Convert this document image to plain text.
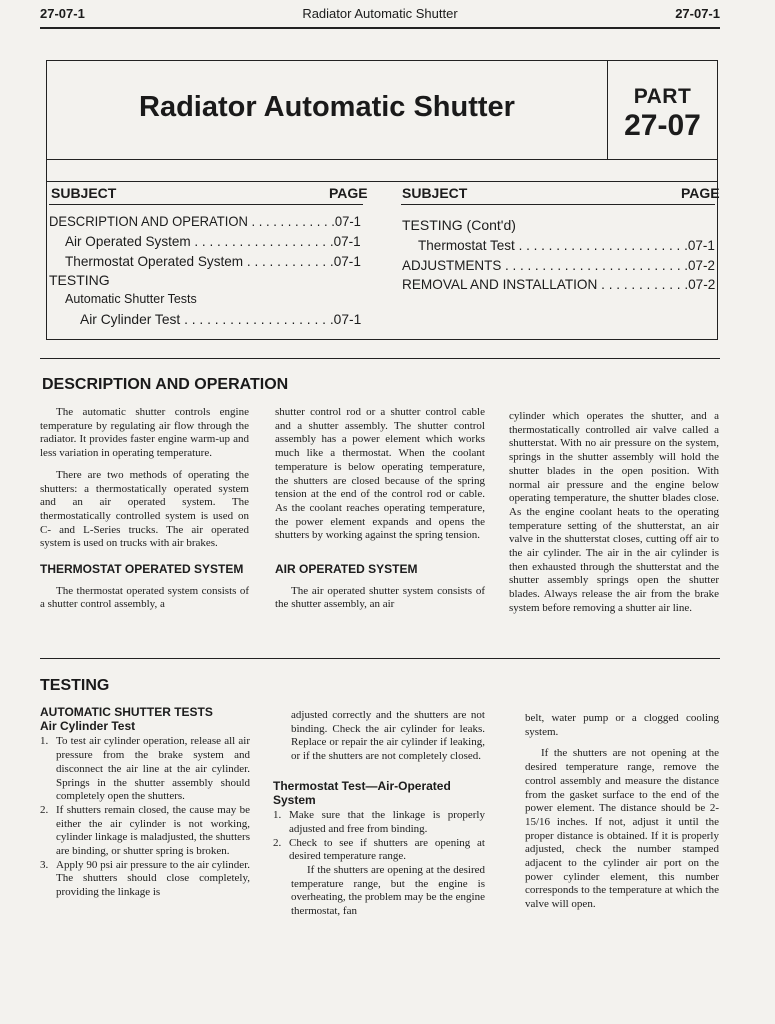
27-07-1	Radiator Automatic Shutter	27-07-1
Radiator Automatic Shutter	PART
27-07
SUBJECT	PAGE SUBJECT	PAGE
DESCRIPTION AND OPERATION . . . . . . . . . . . .07-1
Air Operated System . . . . . . . . . . . . . . . . . . .07-1
Thermostat Operated System . . . . . . . . . . . .07-1
TESTING
Automatic Shutter Tests
Air Cylinder Test . . . . . . . . . . . . . . . . . . . .07-1
TESTING (Cont'd)
Thermostat Test . . . . . . . . . . . . . . . . . . . . . . .07-1
ADJUSTMENTS . . . . . . . . . . . . . . . . . . . . . . . . .07-2
REMOVAL AND INSTALLATION . . . . . . . . . . . .07-2
DESCRIPTION AND OPERATION

The automatic shutter controls engine temperature by regulating air flow through the radiator. It provides faster engine warm-up and less variation in operating temperature.

There are two methods of operating the shutters: a thermostatically operated system and an air operated system. The thermostatically controlled system is used on C- and L-Series trucks. The air operated system is used on trucks with air brakes.

THERMOSTAT OPERATED SYSTEM

The thermostat operated system consists of a shutter control assembly, a

shutter control rod or a shutter control cable and a shutter assembly. The shutter control assembly has a power element which works much like a thermostat. When the coolant temperature is below operating temperature, the shutters are closed because of the spring tension at the end of the control rod or cable. As the coolant reaches operating temperature, the power element expands and opens the shutters by working against the spring tension.

AIR OPERATED SYSTEM

The air operated shutter system consists of the shutter assembly, an air

cylinder which operates the shutter, and a thermostatically controlled air valve called a shutterstat. With no air pressure on the system, springs in the shutter assembly will hold the shutter blades in the open position. With normal air pressure and the engine below operating temperature, the shutter blades close. As the engine coolant heats to the operating temperature setting of the shutterstat, an air valve in the shutterstat closes, cutting off air to the air cylinder. The air in the air cylinder is then exhausted through the shutterstat and the shutter assembly springs open the shutter blades. Always release the air from the brake system before removing a shutter air line.

TESTING
AUTOMATIC SHUTTER TESTS
Air Cylinder Test
1. To test air cylinder operation, release all air pressure from the brake system and disconnect the air line at the air cylinder. Springs in the shutter assembly should completely open the shutters.
2. If shutters remain closed, the cause may be either the air cylinder is not working, cylinder linkage is maladjusted, the shutters are binding, or shutter spring is broken.
3. Apply 90 psi air pressure to the air cylinder. The shutters should close completely, providing the linkage is

adjusted correctly and the shutters are not binding. Check the air cylinder for leaks. Replace or repair the air cylinder if leaking, or if the shutters are not completely closed.

Thermostat Test—Air-Operated System
1. Make sure that the linkage is properly adjusted and free from binding.
2. Check to see if shutters are opening at desired temperature range.

If the shutters are opening at the desired temperature range, but the engine is overheating, the problem may be the engine thermostat, fan

belt, water pump or a clogged cooling system.

If the shutters are not opening at the desired temperature range, remove the control assembly and measure the distance from the gasket surface to the end of the power element. The distance should be 2-15/16 inches. If not, adjust it until the proper distance is obtained. If it is properly adjusted, check the number stamped adjacent to the cylinder air port on the power cylinder element, this number corresponds to the temperature at which the valve will open.
